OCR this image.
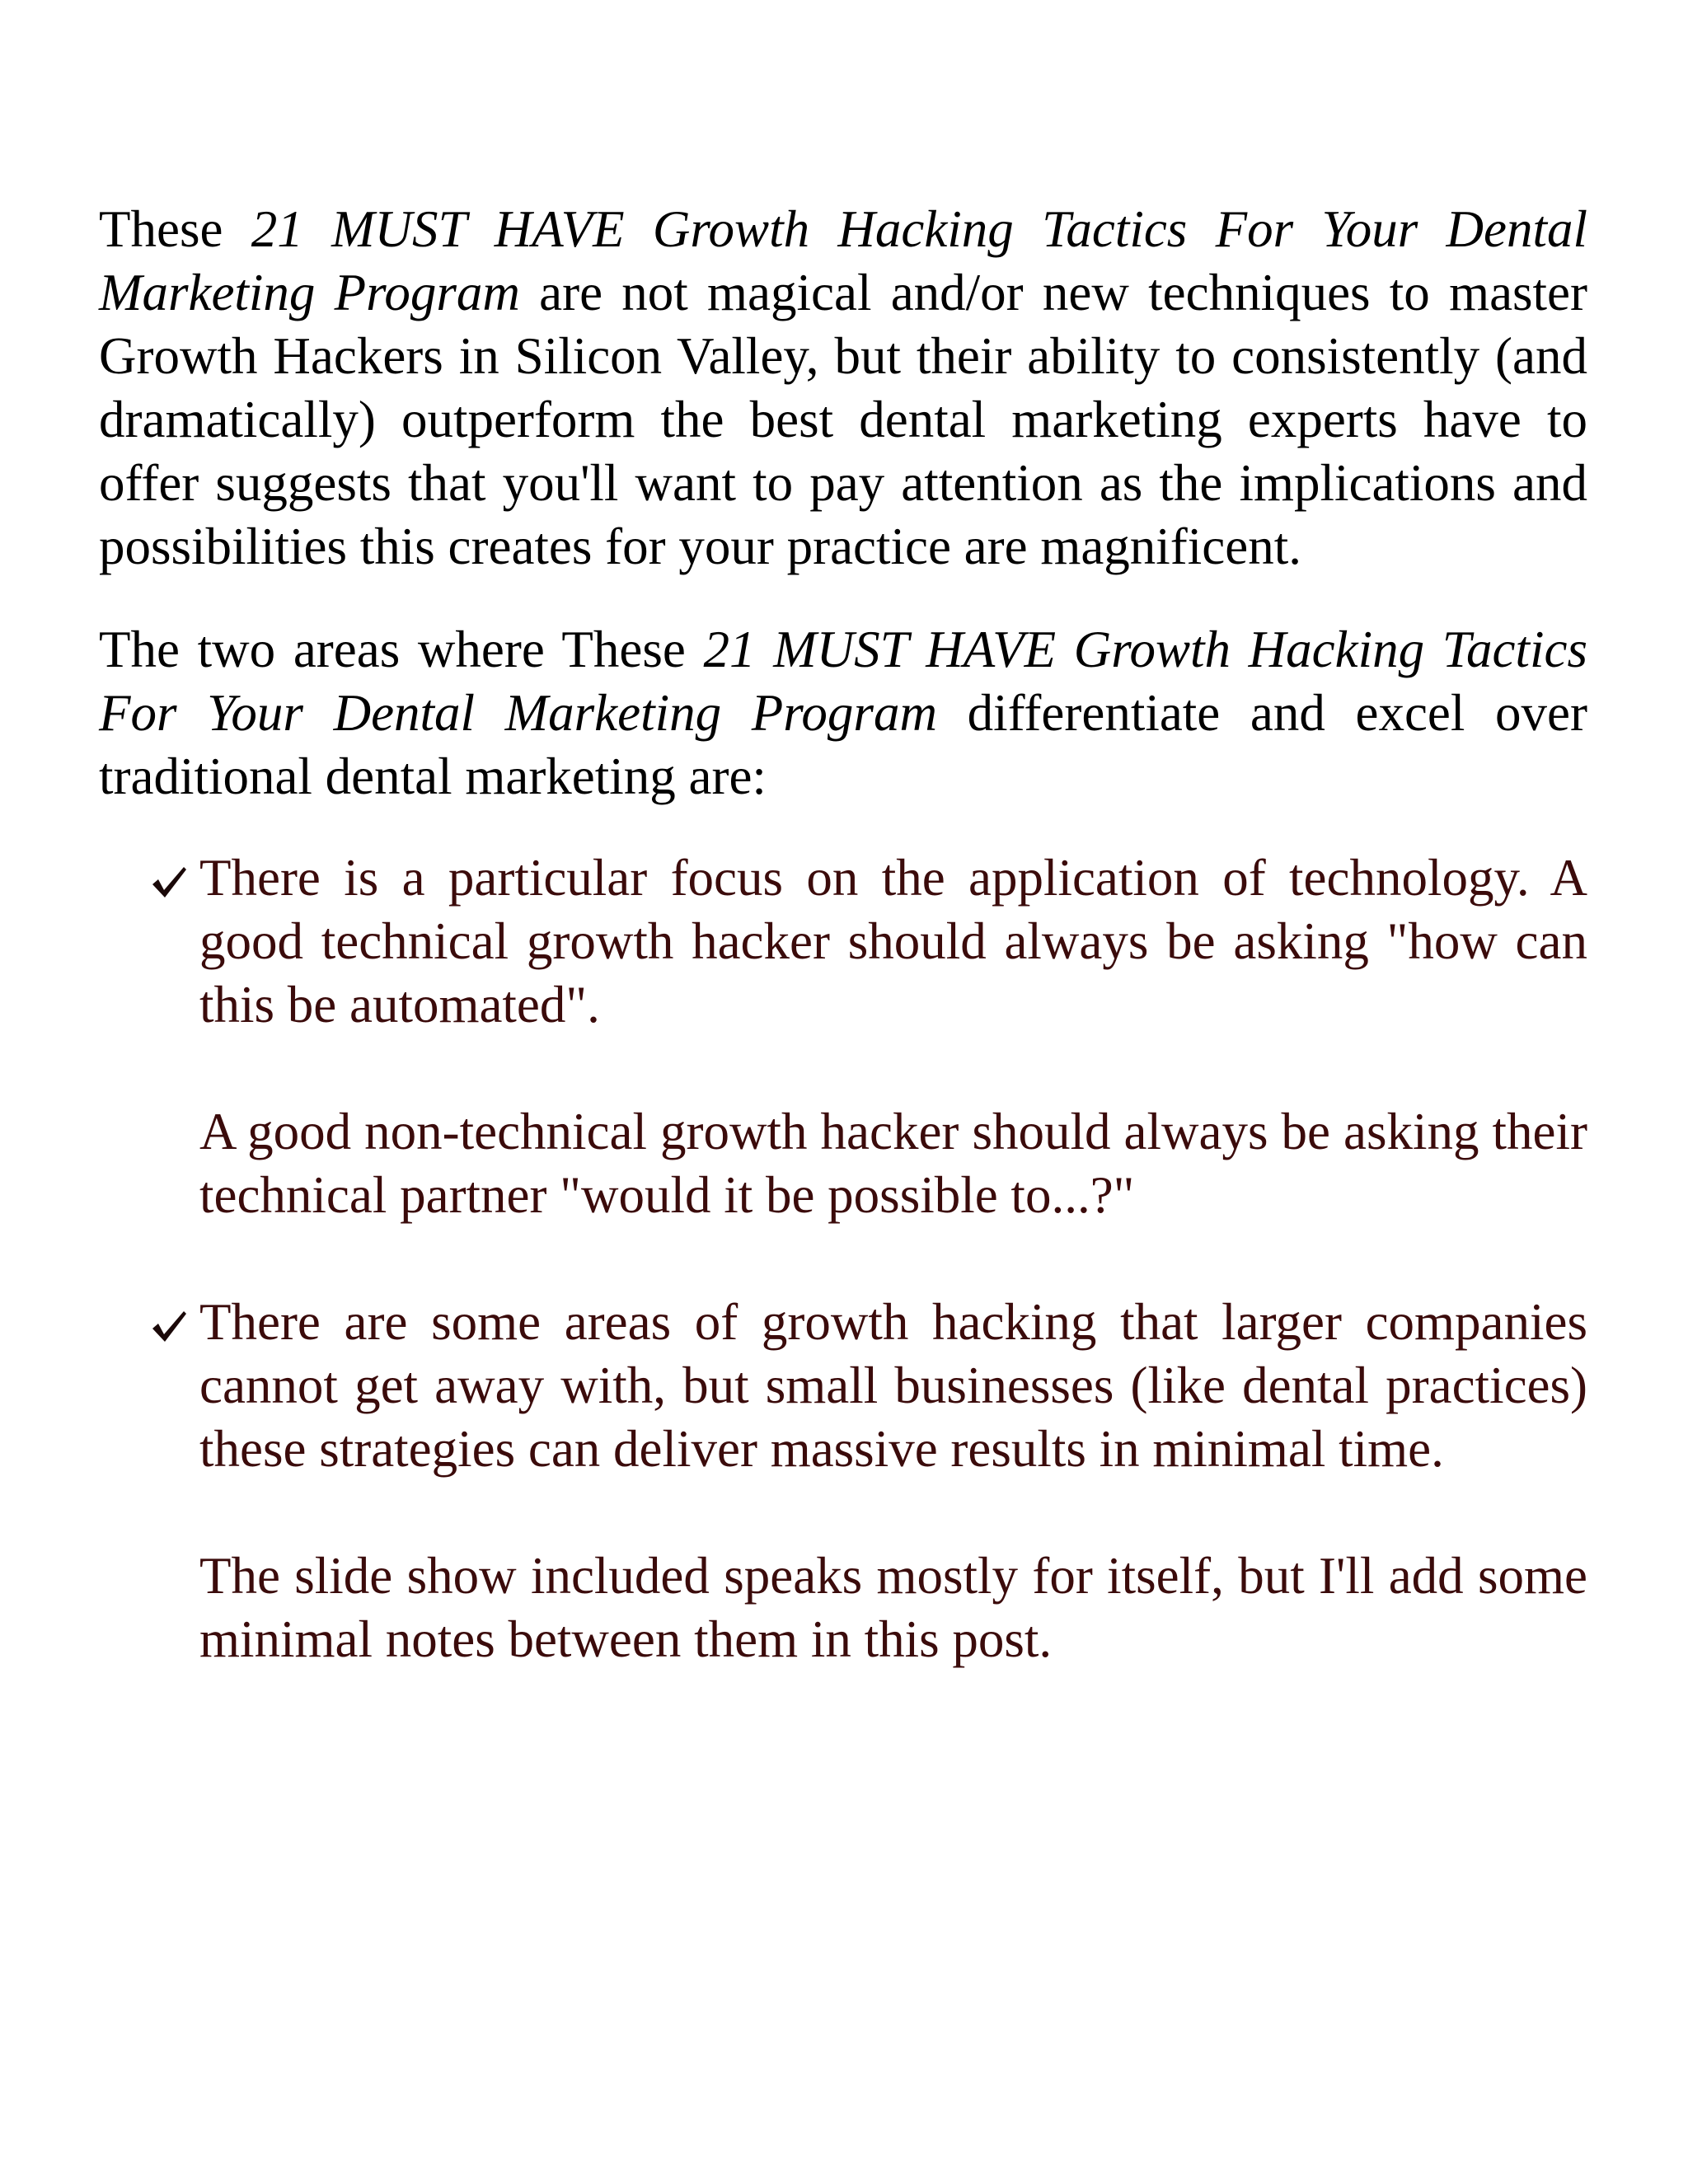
These 21 MUST HAVE Growth Hacking Tactics For Your Dental Marketing Program are not magical and/or new techniques to master Growth Hackers in Silicon Valley, but their ability to consistently (and dramatically) outperform the best dental marketing experts have to offer suggests that you'll want to pay attention as the implications and possibilities this creates for your practice are magnificent.

The two areas where These 21 MUST HAVE Growth Hacking Tactics For Your Dental Marketing Program differentiate and excel over traditional dental marketing are:

There is a particular focus on the application of technology. A good technical growth hacker should always be asking "how can this be automated".

A good non-technical growth hacker should always be asking their technical partner "would it be possible to...?"

There are some areas of growth hacking that larger companies cannot get away with, but small businesses (like dental practices) these strategies can deliver massive results in minimal time.

The slide show included speaks mostly for itself, but I'll add some minimal notes between them in this post.
